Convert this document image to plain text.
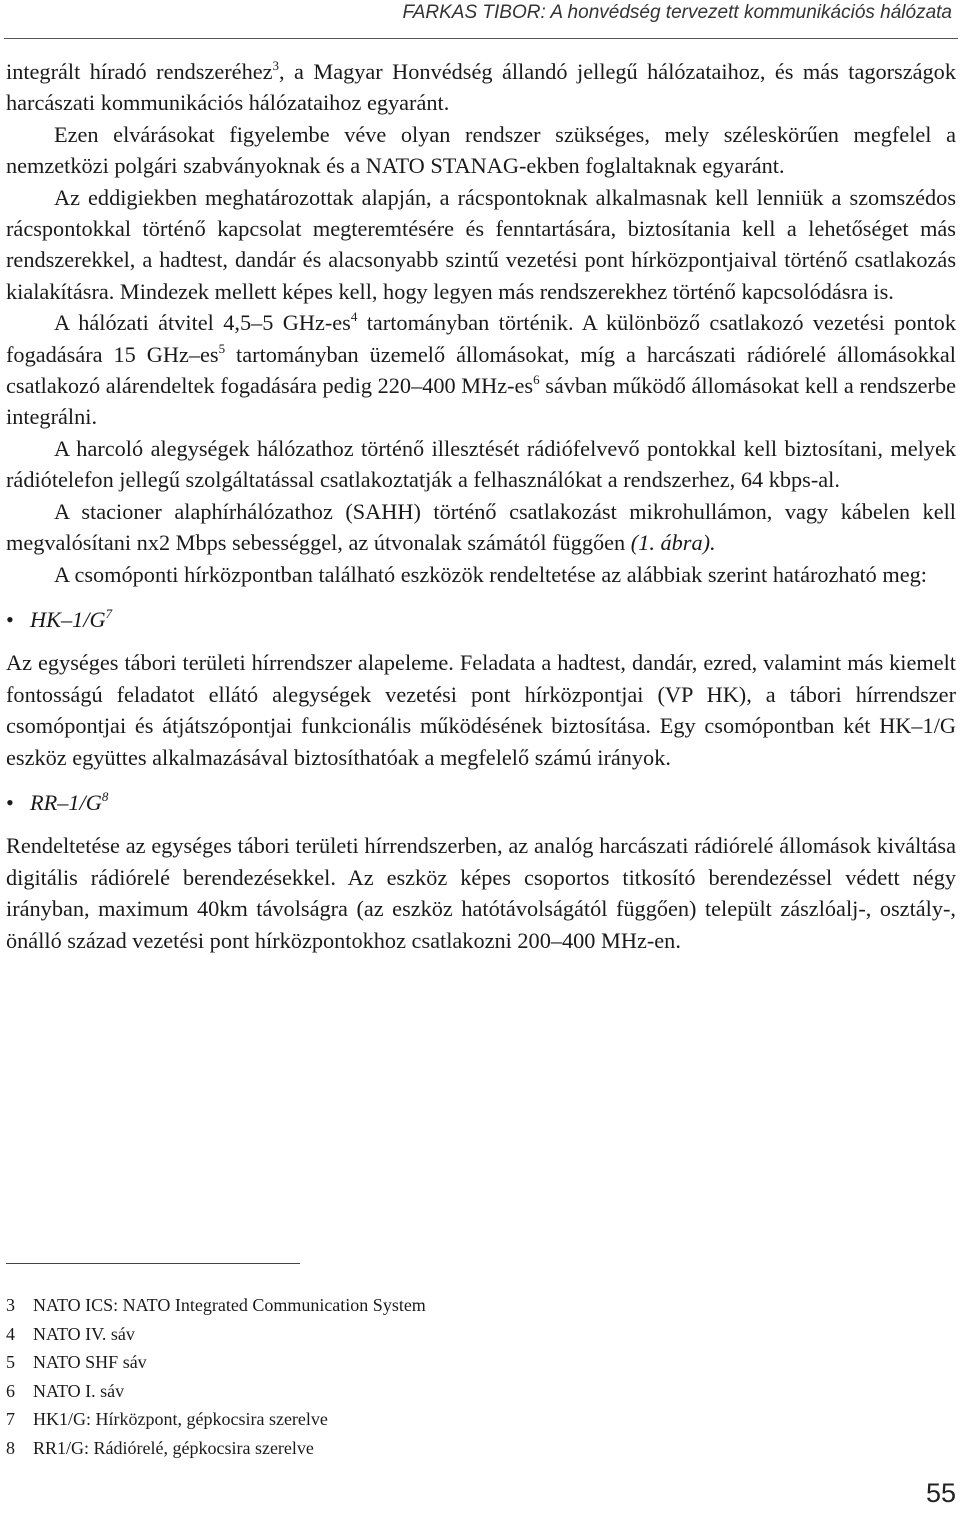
FARKAS TIBOR: A honvédség tervezett kommunikációs hálózata

integrált híradó rendszeréhez$^3$, a Magyar Honvédség állandó jellegű hálózataihoz, és más tagországok harcászati kommunikációs hálózataihoz egyaránt.

Ezen elvárásokat figyelembe véve olyan rendszer szükséges, mely széleskörűen megfelel a nemzetközi polgári szabványoknak és a NATO STANAG-ekben foglaltaknak egyaránt.

Az eddigiekben meghatározottak alapján, a rácspontoknak alkalmasnak kell lenniük a szomszédos rácspontokkal történő kapcsolat megteremtésére és fenntartására, biztosítania kell a lehetőséget más rendszerekkel, a hadtest, dandár és alacsonyabb szintű vezetési pont hírközpontjaival történő csatlakozás kialakításra. Mindezek mellett képes kell, hogy legyen más rendszerekhez történő kapcsolódásra is.

A hálózati átvitel 4,5–5 GHz-$es^4$ tartományban történik. A különböző csatlakozó vezetési pontok fogadására 15 GHz–$es^5$ tartományban üzemelő állomásokat, míg a harcászati rádiórelé állomásokkal csatlakozó alárendeltek fogadására pedig 220–400 MHz-$es^6$ sávban működő állomásokat kell a rendszerbe integrálni.

A harcoló alegységek hálózathoz történő illesztését rádiófelvevő pontokkal kell biztosítani, melyek rádiótelefon jellegű szolgáltatással csatlakoztatják a felhasználókat a rendszerhez, 64 kbps-al.

A stacioner alaphírhálózathoz (SAHH) történő csatlakozást mikrohullámon, vagy kábelen kell megvalósítani nx2 Mbps sebességgel, az útvonalak számától függően (1. ábra).

A csomóponti hírközpontban található eszközök rendeltetése az alábbiak szerint határozható meg:

• $HK-1/G^7$

Az egységes tábori területi hírrendszer alapeleme. Feladata a hadtest, dandár, ezred, valamint más kiemelt fontosságú feladatot ellátó alegységek vezetési pont hírközpontjai (VP HK), a tábori hírrendszer csomópontjai és átjátszópontjai funkcionális működésének biztosítása. Egy csomópontban két HK–1/G eszköz együttes alkalmazásával biztosíthatóak a megfelelő számú irányok.

• $RR-1/G^8$

Rendeltetése az egységes tábori területi hírrendszerben, az analóg harcászati rádiórelé állomások kiváltása digitális rádiórelé berendezésekkel. Az eszköz képes csoportos titkosító berendezéssel védett négy irányban, maximum 40km távolságra (az eszköz hatótávolságától függően) települt zászlóalj-, osztály-, önálló század vezetési pont hírközpontokhoz csatlakozni 200–400 MHz-en.

3	NATO ICS: NATO Integrated Communication System
4	NATO IV. sáv
5	NATO SHF sáv
6	NATO I. sáv
7	HK1/G: Hírközpont, gépkocsira szerelve
8	RR1/G: Rádiórelé, gépkocsira szerelve
55
